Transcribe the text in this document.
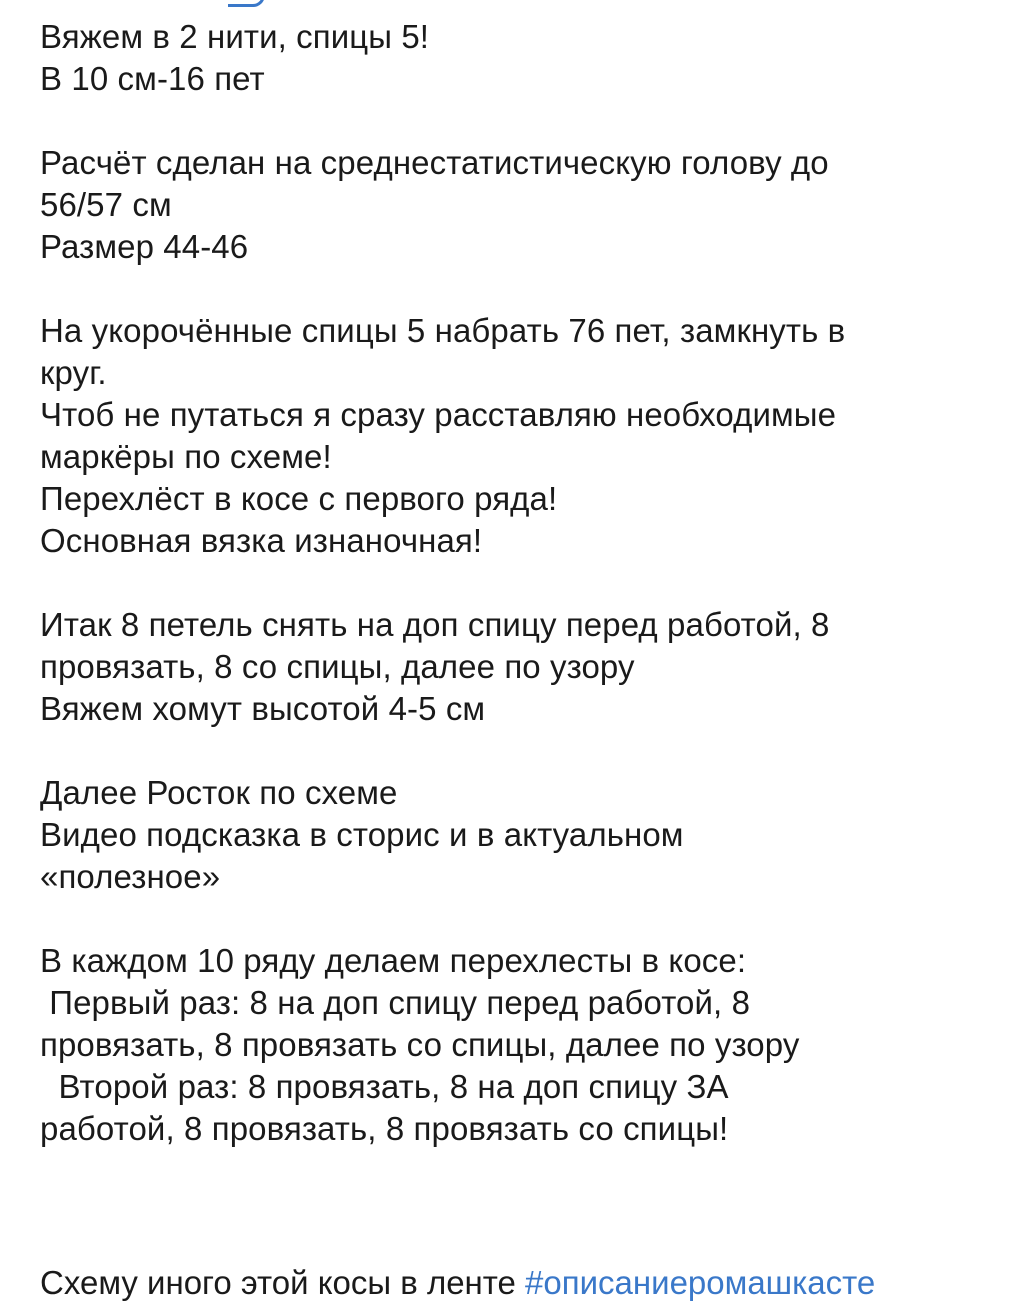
Вяжем в 2 нити, спицы 5!
В 10 см-16 пет
Расчёт сделан на среднестатистическую голову до
56/57 см
Размер 44-46
На укорочённые спицы 5 набрать 76 пет, замкнуть в
круг.
Чтоб не путаться я сразу расставляю необходимые
маркёры по схеме!
Перехлёст в косе с первого ряда!
Основная вязка изнаночная!
Итак 8 петель снять на доп спицу перед работой, 8
провязать, 8 со спицы, далее по узору
Вяжем хомут высотой 4-5 см
Далее Росток по схеме
Видео подсказка в сторис и в актуальном
«полезное»
В каждом 10 ряду делаем перехлесты в косе:
Первый раз: 8 на доп спицу перед работой, 8
провязать, 8 провязать со спицы, далее по узору
Второй раз: 8 провязать, 8 на доп спицу ЗА
работой, 8 провязать, 8 провязать со спицы!
Схему иного этой косы в ленте #описаниеромашкасте
